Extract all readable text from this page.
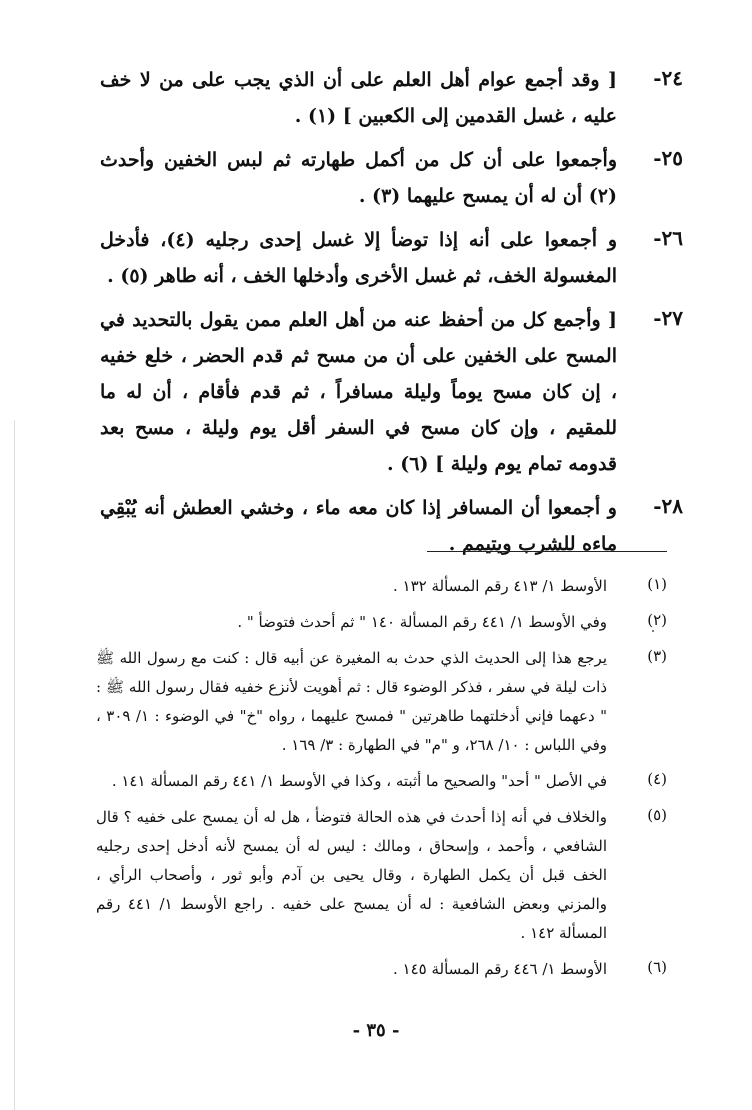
٢٤-
[ وقد أجمع عوام أهل العلم على أن الذي يجب على من لا خف عليه ، غسل القدمين إلى الكعبين ] (١) .
٢٥-
وأجمعوا على أن كل من أكمل طهارته ثم لبس الخفين وأحدث (٢) أن له أن يمسح عليهما (٣) .
٢٦-
و أجمعوا على أنه إذا توضأ إلا غسل إحدى رجليه (٤)، فأدخل المغسولة الخف، ثم غسل الأخرى وأدخلها الخف ، أنه طاهر (٥) .
٢٧-
[ وأجمع كل من أحفظ عنه من أهل العلم ممن يقول بالتحديد في المسح على الخفين على أن من مسح ثم قدم الحضر ، خلع خفيه ، إن كان مسح يوماً وليلة مسافراً ، ثم قدم فأقام ، أن له ما للمقيم ، وإن كان مسح في السفر أقل يوم وليلة ، مسح بعد قدومه تمام يوم وليلة ] (٦) .
٢٨-
و أجمعوا أن المسافر إذا كان معه ماء ، وخشي العطش أنه يُبْقِي ماءه للشرب ويتيمم .
(١)
الأوسط ١/ ٤١٣ رقم المسألة ١٣٢ .
(٢)
وفي الأوسط ١/ ٤٤١ رقم المسألة ١٤٠ " ثم أحدث فتوضأ " .
(٣)
يرجع هذا إلى الحديث الذي حدث به المغيرة عن أبيه قال : كنت مع رسول الله ﷺ ذات ليلة في سفر ، فذكر الوضوء قال : ثم أهويت لأنزع خفيه فقال رسول الله ﷺ : " دعهما فإني أدخلتهما طاهرتين " فمسح عليهما ، رواه "خ" في الوضوء : ١/ ٣٠٩ ، وفي اللباس : ١٠/ ٢٦٨، و "م" في الطهارة : ٣/ ١٦٩ .
(٤)
في الأصل " أحد" والصحيح ما أثبته ، وكذا في الأوسط ١/ ٤٤١ رقم المسألة ١٤١ .
(٥)
والخلاف في أنه إذا أحدث في هذه الحالة فتوضأ ، هل له أن يمسح على خفيه ؟ قال الشافعي ، وأحمد ، وإسحاق ، ومالك : ليس له أن يمسح لأنه أدخل إحدى رجليه الخف قبل أن يكمل الطهارة ، وقال يحيى بن آدم وأبو ثور ، وأصحاب الرأي ، والمزني وبعض الشافعية : له أن يمسح على خفيه . راجع الأوسط ١/ ٤٤١ رقم المسألة ١٤٢ .
(٦)
الأوسط ١/ ٤٤٦ رقم المسألة ١٤٥ .
- ٣٥ -
